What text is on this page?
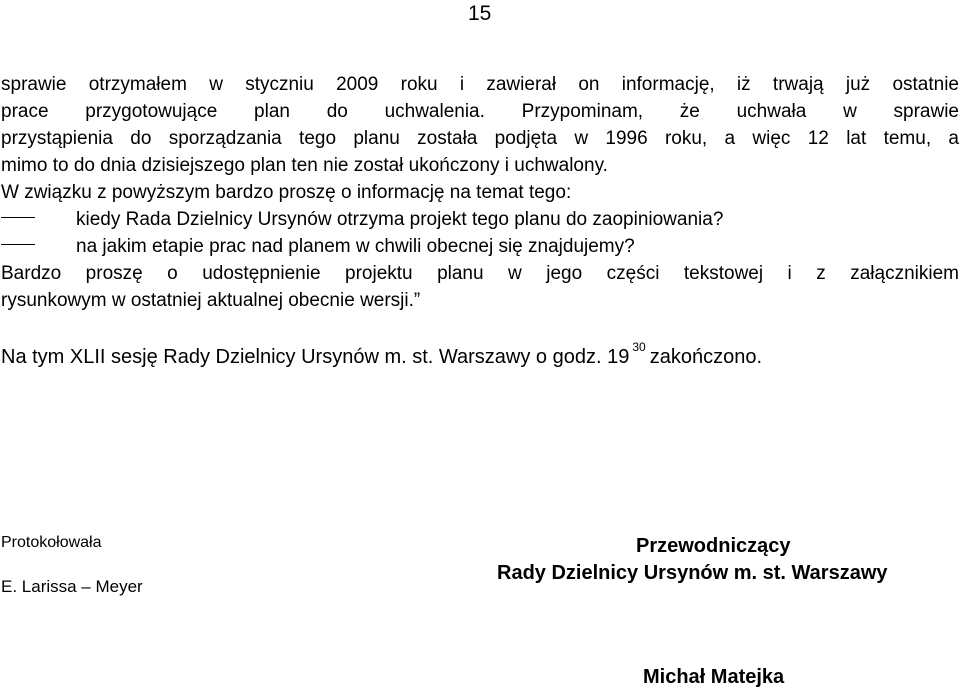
15
sprawie otrzymałem w styczniu 2009 roku i zawierał on informację, iż trwają już ostatnie
prace przygotowujące plan do uchwalenia. Przypominam, że uchwała w sprawie
przystąpienia do sporządzania tego planu została podjęta w 1996 roku, a więc 12 lat temu, a
mimo to do dnia dzisiejszego plan ten nie został ukończony i uchwalony.
W związku z powyższym bardzo proszę o informację na temat tego:
kiedy Rada Dzielnicy Ursynów otrzyma projekt tego planu do zaopiniowania?
na jakim etapie prac nad planem w chwili obecnej się znajdujemy?
Bardzo proszę o udostępnienie projektu planu w jego części tekstowej i z załącznikiem
rysunkowym w ostatniej aktualnej obecnie wersji.”
Na tym XLII sesję Rady Dzielnicy Ursynów m. st. Warszawy o godz. 19 $^{30}$ zakończono.
Protokołowała
E. Larissa – Meyer
Przewodniczący
Rady Dzielnicy Ursynów m. st. Warszawy
Michał Matejka
